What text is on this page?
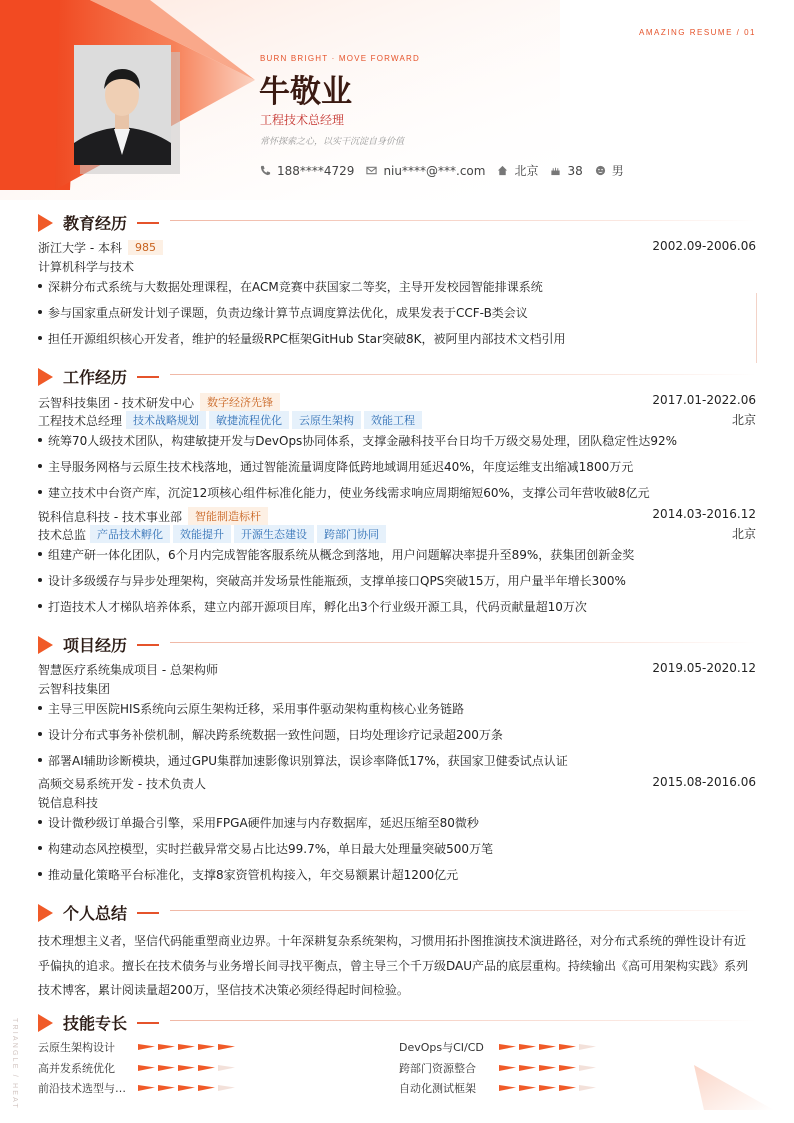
AMAZING RESUME / 01
BURN BRIGHT · MOVE FORWARD
牛敬业
工程技术总经理
常怀探索之心，以实干沉淀自身价值
188****4729 niu****@***.com 北京 38 男
教育经历
浙江大学 - 本科	985	2002.09-2006.06
计算机科学与技术
深耕分布式系统与大数据处理课程，在ACM竞赛中获国家二等奖，主导开发校园智能排课系统
参与国家重点研发计划子课题，负责边缘计算节点调度算法优化，成果发表于CCF-B类会议
担任开源组织核心开发者，维护的轻量级RPC框架GitHub Star突破8K，被阿里内部技术文档引用
工作经历
云智科技集团 - 技术研发中心	数字经济先锋	2017.01-2022.06
工程技术总经理	技术战略规划	敏捷流程优化	云原生架构	效能工程	北京
统筹70人级技术团队，构建敏捷开发与DevOps协同体系，支撑金融科技平台日均千万级交易处理，团队稳定性达92%
主导服务网格与云原生技术栈落地，通过智能流量调度降低跨地域调用延迟40%，年度运维支出缩减1800万元
建立技术中台资产库，沉淀12项核心组件标准化能力，使业务线需求响应周期缩短60%，支撑公司年营收破8亿元
锐科信息科技 - 技术事业部	智能制造标杆	2014.03-2016.12
技术总监	产品技术孵化	效能提升	开源生态建设	跨部门协同	北京
组建产研一体化团队，6个月内完成智能客服系统从概念到落地，用户问题解决率提升至89%，获集团创新金奖
设计多级缓存与异步处理架构，突破高并发场景性能瓶颈，支撑单接口QPS突破15万，用户量半年增长300%
打造技术人才梯队培养体系，建立内部开源项目库，孵化出3个行业级开源工具，代码贡献量超10万次
项目经历
智慧医疗系统集成项目 - 总架构师	2019.05-2020.12
云智科技集团
主导三甲医院HIS系统向云原生架构迁移，采用事件驱动架构重构核心业务链路
设计分布式事务补偿机制，解决跨系统数据一致性问题，日均处理诊疗记录超200万条
部署AI辅助诊断模块，通过GPU集群加速影像识别算法，误诊率降低17%，获国家卫健委试点认证
高频交易系统开发 - 技术负责人	2015.08-2016.06
锐信息科技
设计微秒级订单撮合引擎，采用FPGA硬件加速与内存数据库，延迟压缩至80微秒
构建动态风控模型，实时拦截异常交易占比达99.7%，单日最大处理量突破500万笔
推动量化策略平台标准化，支撑8家资管机构接入，年交易额累计超1200亿元
个人总结
技术理想主义者，坚信代码能重塑商业边界。十年深耕复杂系统架构，习惯用拓扑图推演技术演进路径，对分布式系统的弹性设计有近乎偏执的追求。擅长在技术债务与业务增长间寻找平衡点，曾主导三个千万级DAU产品的底层重构。持续输出《高可用架构实践》系列技术博客，累计阅读量超200万，坚信技术决策必须经得起时间检验。
技能专长
云原生架构设计	DevOps与CI/CD
高并发系统优化	跨部门资源整合
前沿技术选型与…	自动化测试框架
TRIANGLE / HEAT
